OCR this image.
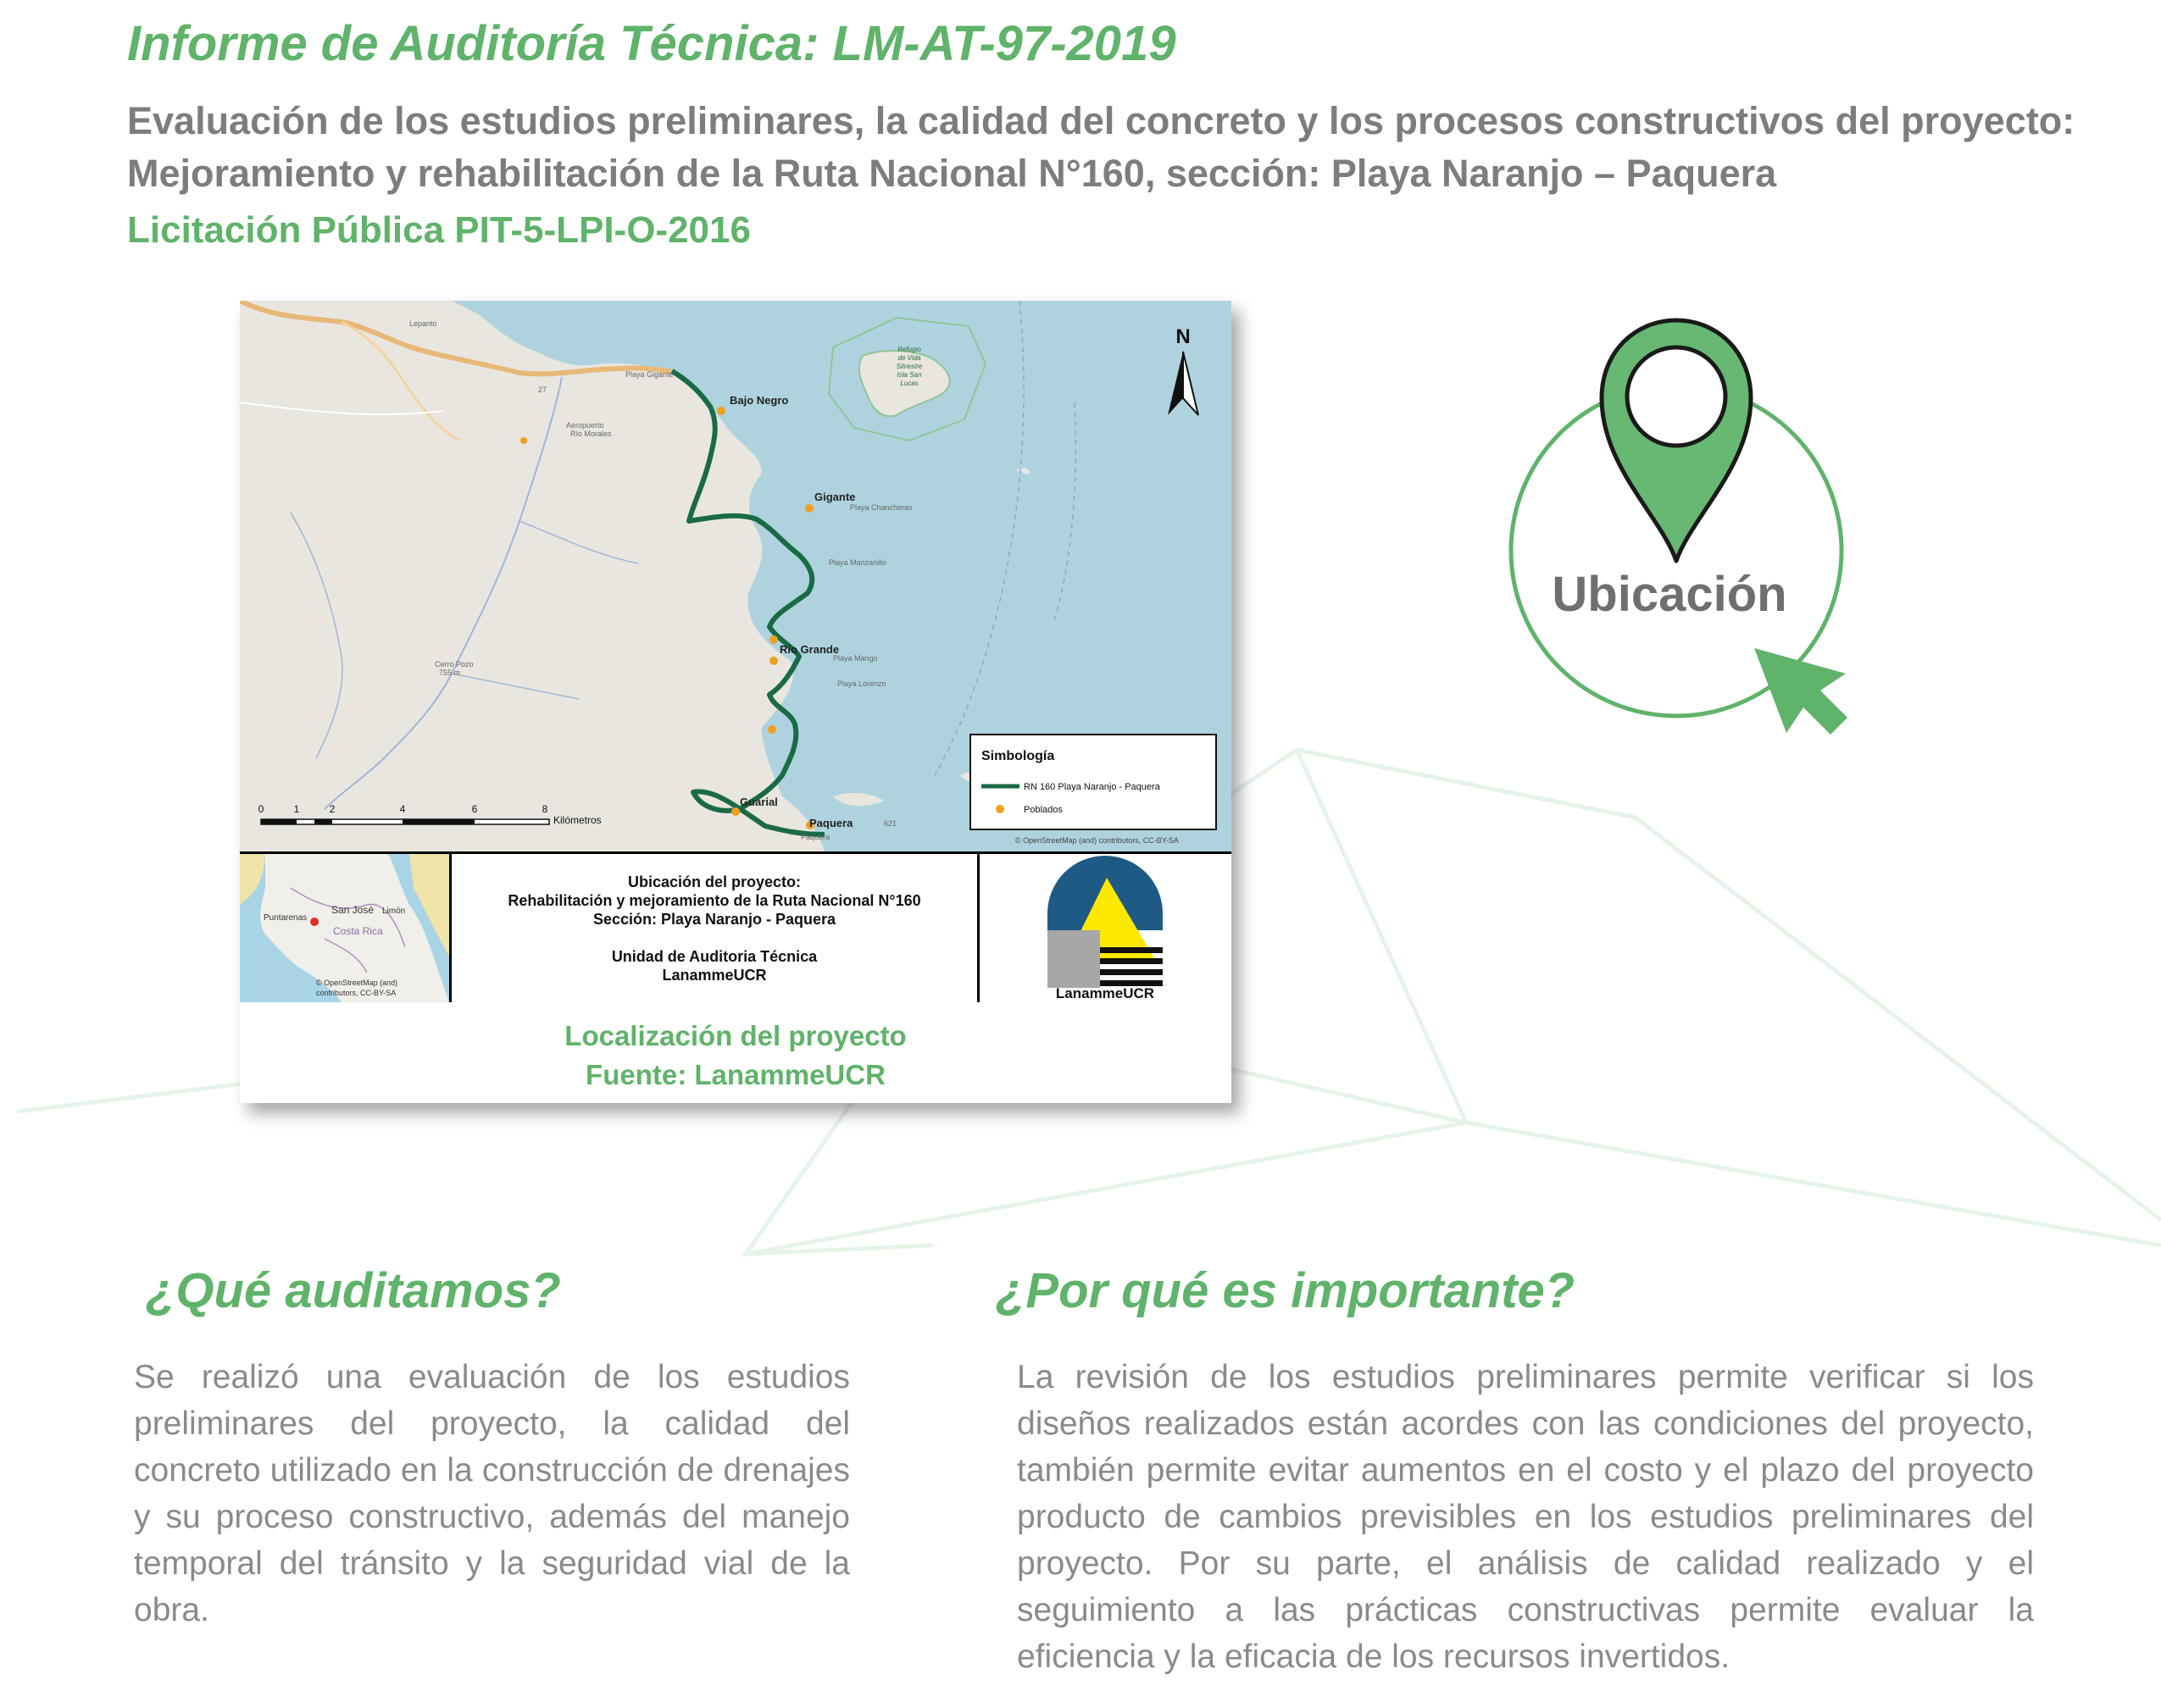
Informe de Auditoría Técnica: LM-AT-97-2019

Evaluación de los estudios preliminares, la calidad del concreto y los procesos constructivos del proyecto: Mejoramiento y rehabilitación de la Ruta Nacional N°160, sección: Playa Naranjo – Paquera

Licitación Pública PIT-5-LPI-O-2016
Bajo Negro
Gigante
Río Grande
Guarial
Paquera
Lepanto
Playa Gigante
Playa Chancheras
Playa Manzanillo
Playa Mango
Playa Lorenzo
Paquera
Aeropuerto
Río Morales
Cerro Pozo
755 m
27
621
Refugio
de Vida
Silvestre
Isla San
Lucas
N
0	1	2	4	6	8
Kilómetros
Simbología
RN 160 Playa Naranjo - Paquera
Poblados
© OpenStreetMap (and) contributors, CC-BY-SA
San José Limón
Puntarenas
Costa Rica
© OpenStreetMap (and)
contributors, CC-BY-SA
Ubicación del proyecto:
Rehabilitación y mejoramiento de la Ruta Nacional N°160
Sección: Playa Naranjo - Paquera
Unidad de Auditoria Técnica
LanammeUCR
LanammeUCR
Localización del proyecto
Fuente: LanammeUCR
Ubicación
¿Qué auditamos?

Se realizó una evaluación de los estudios preliminares del proyecto, la calidad del concreto utilizado en la construcción de drenajes y su proceso constructivo, además del manejo temporal del tránsito y la seguridad vial de la obra.

¿Por qué es importante?

La revisión de los estudios preliminares permite verificar si los diseños realizados están acordes con las condiciones del proyecto, también permite evitar aumentos en el costo y el plazo del proyecto producto de cambios previsibles en los estudios preliminares del proyecto. Por su parte, el análisis de calidad realizado y el seguimiento a las prácticas constructivas permite evaluar la eficiencia y la eficacia de los recursos invertidos.
